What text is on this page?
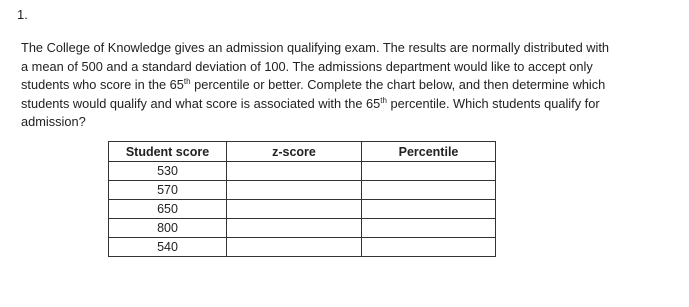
1.
The College of Knowledge gives an admission qualifying exam. The results are normally distributed with a mean of 500 and a standard deviation of 100. The admissions department would like to accept only students who score in the 65th percentile or better. Complete the chart below, and then determine which students would qualify and what score is associated with the 65th percentile. Which students qualify for admission?
Student score	z-score	Percentile
530		
570		
650		
800		
540		
